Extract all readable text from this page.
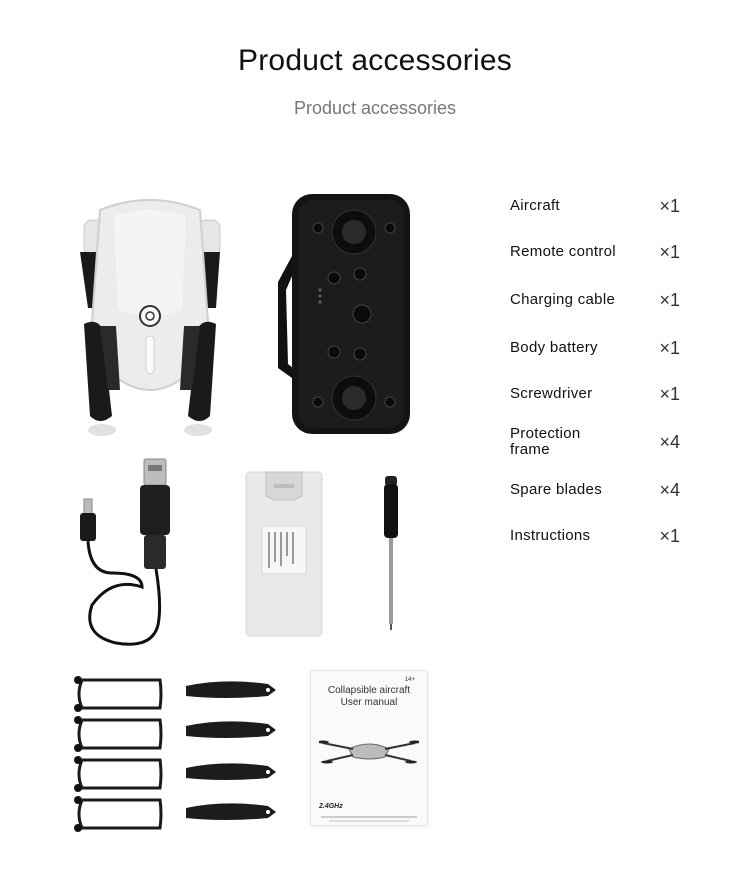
Product accessories
Product accessories
14+
Collapsible aircraft
User manual
2.4GHz
Aircraft	×1
Remote control ×1
Charging cable ×1
Body battery	×1
Screwdriver	×1
Protection frame	×4
Spare blades	×4
Instructions	×1
